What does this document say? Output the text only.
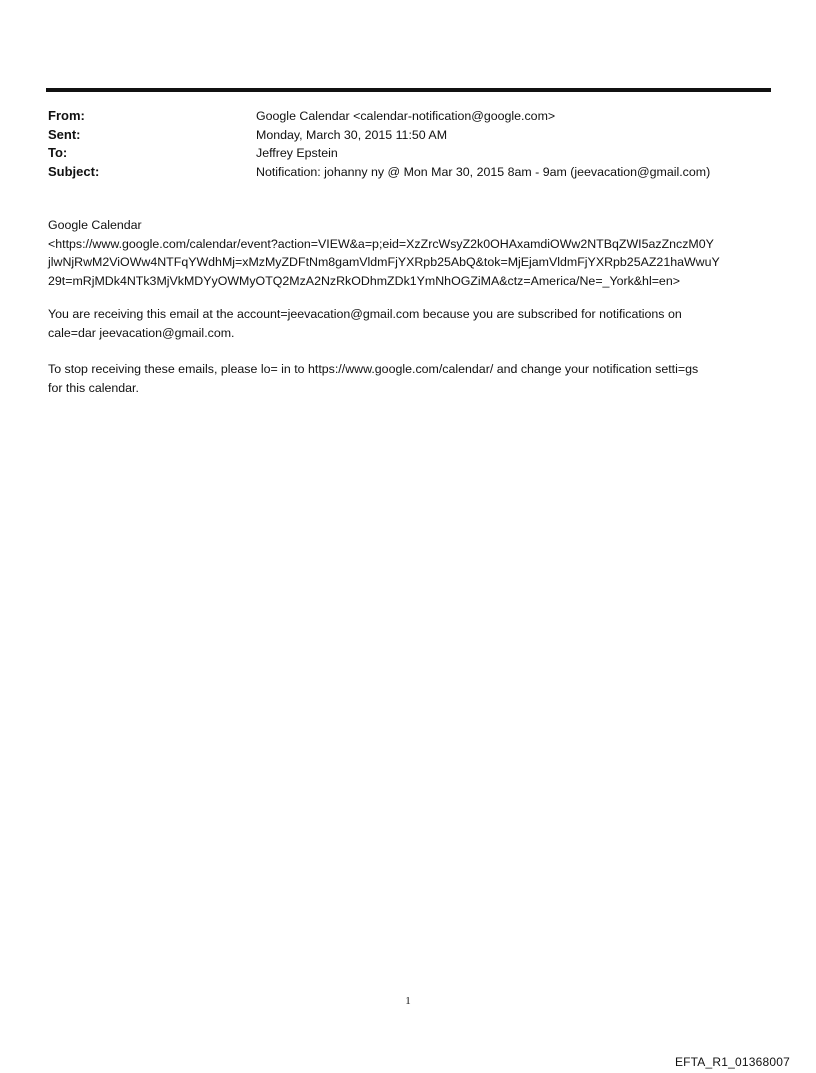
From:	Google Calendar <calendar-notification@google.com>
Sent:	Monday, March 30, 2015 11:50 AM
To:	Jeffrey Epstein
Subject:	Notification: johanny ny @ Mon Mar 30, 2015 8am - 9am (jeevacation@gmail.com)
Google Calendar
<https://www.google.com/calendar/event?action=VIEW&a=p;eid=XzZrcWsyZ2k0OHAxamdiOWw2NTBqZWI5azZnczM0Y
jlwNjRwM2ViOWw4NTFqYWdhMj=xMzMyZDFtNm8gamVldmFjYXRpb25AbQ&tok=MjEjamVldmFjYXRpb25AZ21haWwuY
29t=mRjMDk4NTk3MjVkMDYyOWMyOTQ2MzA2NzRkODhmZDk1YmNhOGZiMA&ctz=America/Ne=_York&hl=en>
You are receiving this email at the account=jeevacation@gmail.com because you are subscribed for notifications on
cale=dar jeevacation@gmail.com.
To stop receiving these emails, please lo= in to https://www.google.com/calendar/ and change your notification setti=gs
for this calendar.
1
EFTA_R1_01368007
